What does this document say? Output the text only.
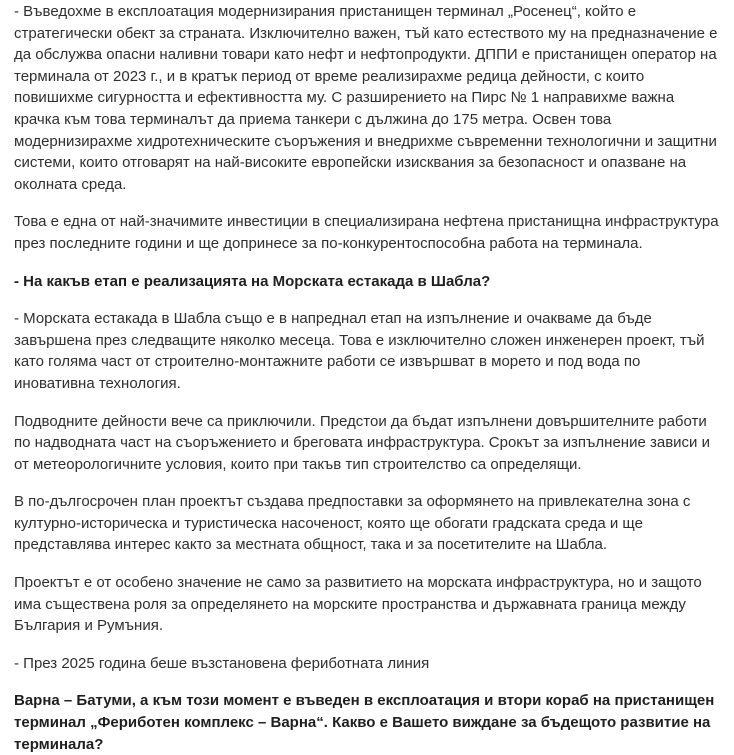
- Въведохме в експлоатация модернизирания пристанищен терминал „Росенец“, който е стратегически обект за страната. Изключително важен, тъй като естеството му на предназначение е да обслужва опасни наливни товари като нефт и нефтопродукти. ДППИ е пристанищен оператор на терминала от 2023 г., и в кратък период от време реализирахме редица дейности, с които повишихме сигурността и ефективността му. С разширението на Пирс № 1 направихме важна крачка към това терминалът да приема танкери с дължина до 175 метра. Освен това модернизирахме хидротехническите съоръжения и внедрихме съвременни технологични и защитни системи, които отговарят на най-високите европейски изисквания за безопасност и опазване на околната среда.

Това е една от най-значимите инвестиции в специализирана нефтена пристанищна инфраструктура през последните години и ще допринесе за по-конкурентоспособна работа на терминала.

- На какъв етап е реализацията на Морската естакада в Шабла?

- Морската естакада в Шабла също е в напреднал етап на изпълнение и очакваме да бъде завършена през следващите няколко месеца. Това е изключително сложен инженерен проект, тъй като голяма част от строително-монтажните работи се извършват в морето и под вода по иновативна технология.

Подводните дейности вече са приключили. Предстои да бъдат изпълнени довършителните работи по надводната част на съоръжението и бреговата инфраструктура. Срокът за изпълнение зависи и от метеорологичните условия, които при такъв тип строителство са определящи.

В по-дългосрочен план проектът създава предпоставки за оформянето на привлекателна зона с културно-историческа и туристическа насоченост, която ще обогати градската среда и ще представлява интерес както за местната общност, така и за посетителите на Шабла.

Проектът е от особено значение не само за развитието на морската инфраструктура, но и защото има съществена роля за определянето на морските пространства и държавната граница между България и Румъния.

- През 2025 година беше възстановена фериботната линия

Варна – Батуми, а към този момент е въведен в експлоатация и втори кораб на пристанищен терминал „Фериботен комплекс – Варна“. Какво е Вашето виждане за бъдещото развитие на терминала?
